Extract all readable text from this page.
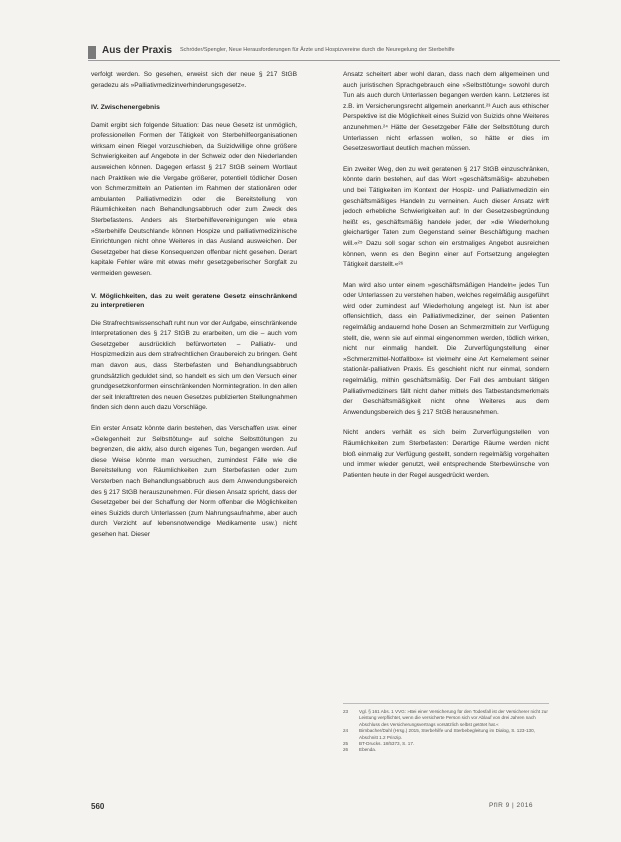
Aus der Praxis Schröder/Spengler, Neue Herausforderungen für Ärzte und Hospizvereine durch die Neuregelung der Sterbehilfe

verfolgt werden. So gesehen, erweist sich der neue § 217 StGB geradezu als »Palliativmedizinverhinderungsgesetz«.

IV. Zwischenergebnis

Damit ergibt sich folgende Situation: Das neue Gesetz ist unmöglich, professionellen Formen der Tätigkeit von Sterbehilfeorganisationen wirksam einen Riegel vorzuschieben, da Suizidwillige ohne größere Schwierigkeiten auf Angebote in der Schweiz oder den Niederlanden ausweichen können. Dagegen erfasst § 217 StGB seinem Wortlaut nach Praktiken wie die Vergabe größerer, potentiell tödlicher Dosen von Schmerzmitteln an Patienten im Rahmen der stationären oder ambulanten Palliativmedizin oder die Bereitstellung von Räumlichkeiten nach Behandlungsabbruch oder zum Zweck des Sterbefastens. Anders als Sterbehilfevereinigungen wie etwa »Sterbehilfe Deutschland« können Hospize und palliativmedizinische Einrichtungen nicht ohne Weiteres in das Ausland ausweichen. Der Gesetzgeber hat diese Konsequenzen offenbar nicht gesehen. Derart kapitale Fehler wäre mit etwas mehr gesetzgeberischer Sorgfalt zu vermeiden gewesen.

V. Möglichkeiten, das zu weit geratene Gesetz einschränkend zu interpretieren

Die Strafrechtswissenschaft ruht nun vor der Aufgabe, einschränkende Interpretationen des § 217 StGB zu erarbeiten, um die – auch vom Gesetzgeber ausdrücklich befürworteten – Palliativ- und Hospizmedizin aus dem strafrechtlichen Graubereich zu bringen. Geht man davon aus, dass Sterbefasten und Behandlungsabbruch grundsätzlich geduldet sind, so handelt es sich um den Versuch einer grundgesetzkonformen einschränkenden Normintegration. In den allen der seit Inkrafttreten des neuen Gesetzes publizierten Stellungnahmen finden sich denn auch dazu Vorschläge.

Ein erster Ansatz könnte darin bestehen, das Verschaffen usw. einer »Gelegenheit zur Selbsttötung« auf solche Selbsttötungen zu begrenzen, die aktiv, also durch eigenes Tun, begangen werden. Auf diese Weise könnte man versuchen, zumindest Fälle wie die Bereitstellung von Räumlichkeiten zum Sterbefasten oder zum Versterben nach Behandlungsabbruch aus dem Anwendungsbereich des § 217 StGB herauszunehmen. Für diesen Ansatz spricht, dass der Gesetzgeber bei der Schaffung der Norm offenbar die Möglichkeiten eines Suizids durch Unterlassen (zum Nahrungsaufnahme, aber auch durch Verzicht auf lebensnotwendige Medikamente usw.) nicht gesehen hat. Dieser

Ansatz scheitert aber wohl daran, dass nach dem allgemeinen und auch juristischen Sprachgebrauch eine »Selbsttötung« sowohl durch Tun als auch durch Unterlassen begangen werden kann. Letzteres ist z.B. im Versicherungsrecht allgemein anerkannt.²³ Auch aus ethischer Perspektive ist die Möglichkeit eines Suizid von Suizids ohne Weiteres anzunehmen.²⁴ Hätte der Gesetzgeber Fälle der Selbsttötung durch Unterlassen nicht erfassen wollen, so hätte er dies im Gesetzeswortlaut deutlich machen müssen.

Ein zweiter Weg, den zu weit geratenen § 217 StGB einzuschränken, könnte darin bestehen, auf das Wort »geschäftsmäßig« abzuheben und bei Tätigkeiten im Kontext der Hospiz- und Palliativmedizin ein geschäftsmäßiges Handeln zu verneinen. Auch dieser Ansatz wirft jedoch erhebliche Schwierigkeiten auf: In der Gesetzesbegründung heißt es, geschäftsmäßig handele jeder, der »die Wiederholung gleichartiger Taten zum Gegenstand seiner Beschäftigung machen will.«²⁵ Dazu soll sogar schon ein erstmaliges Angebot ausreichen können, wenn es den Beginn einer auf Fortsetzung angelegten Tätigkeit darstellt.«²⁶

Man wird also unter einem »geschäftsmäßigen Handeln« jedes Tun oder Unterlassen zu verstehen haben, welches regelmäßig ausgeführt wird oder zumindest auf Wiederholung angelegt ist. Nun ist aber offensichtlich, dass ein Palliativmediziner, der seinen Patienten regelmäßig andauernd hohe Dosen an Schmerzmitteln zur Verfügung stellt, die, wenn sie auf einmal eingenommen werden, tödlich wirken, nicht nur einmalig handelt. Die Zurverfügungstellung einer »Schmerzmittel-Notfallbox« ist vielmehr eine Art Kernelement seiner stationär-palliativen Praxis. Es geschieht nicht nur einmal, sondern regelmäßig, mithin geschäftsmäßig. Der Fall des ambulant tätigen Palliativmediziners fällt nicht daher mittels des Tatbestandsmerkmals der Geschäftsmäßigkeit nicht ohne Weiteres aus dem Anwendungsbereich des § 217 StGB herausnehmen.

Nicht anders verhält es sich beim Zurverfügungstellen von Räumlichkeiten zum Sterbefasten: Derartige Räume werden nicht bloß einmalig zur Verfügung gestellt, sondern regelmäßig vorgehalten und immer wieder genutzt, weil entsprechende Sterbewünsche von Patienten heute in der Regel ausgedrückt werden.

23	Vgl. § 161 Abs. 1 VVG: »Bei einer Versicherung für den Todesfall ist der Versicherer nicht zur Leistung verpflichtet, wenn die versicherte Person sich vor Ablauf von drei Jahren nach Abschluss des Versicherungsvertrags vorsätzlich selbst getötet hat.«
24	Birnbacher/Dahl (Hrsg.) 2015, Sterbehilfe und Sterbebegleitung im Dialog, S. 123-130, Abschnitt 1.2 Prinzip.
25	BT-Drucks. 18/5373, S. 17.
26	Ebenda.
560	PflR 9 | 2016
